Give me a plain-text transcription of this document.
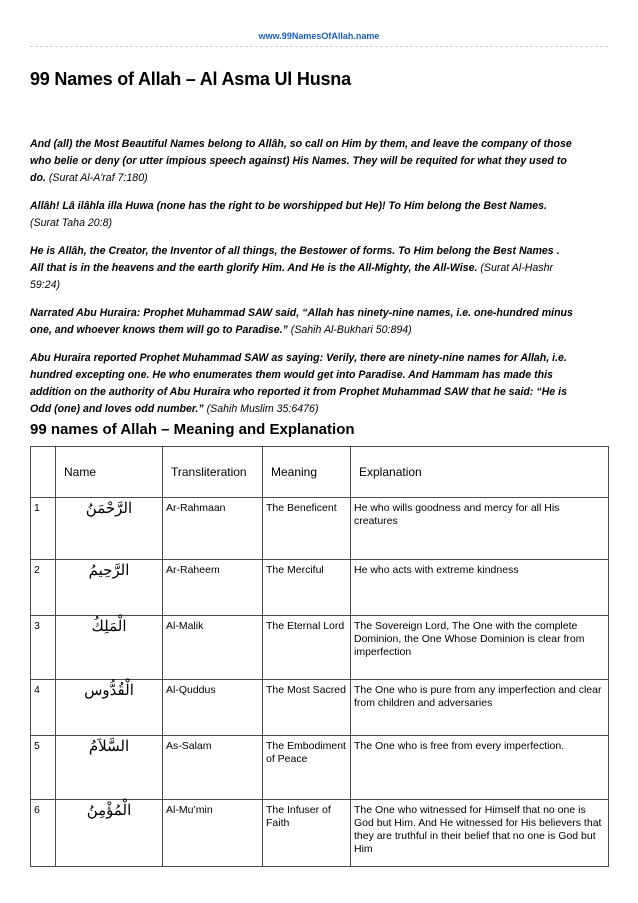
www.99NamesOfAllah.name
99 Names of Allah – Al Asma Ul Husna

And (all) the Most Beautiful Names belong to Allâh, so call on Him by them, and leave the company of those who belie or deny (or utter impious speech against) His Names. They will be requited for what they used to do. (Surat Al-A'raf 7:180)

Allâh! Lâ ilâhla illa Huwa (none has the right to be worshipped but He)! To Him belong the Best Names. (Surat Taha 20:8)

He is Allâh, the Creator, the Inventor of all things, the Bestower of forms. To Him belong the Best Names . All that is in the heavens and the earth glorify Him. And He is the All-Mighty, the All-Wise. (Surat Al-Hashr 59:24)

Narrated Abu Huraira: Prophet Muhammad SAW said, “Allah has ninety-nine names, i.e. one-hundred minus one, and whoever knows them will go to Paradise.” (Sahih Al-Bukhari 50:894)

Abu Huraira reported Prophet Muhammad SAW as saying: Verily, there are ninety-nine names for Allah, i.e. hundred excepting one. He who enumerates them would get into Paradise. And Hammam has made this addition on the authority of Abu Huraira who reported it from Prophet Muhammad SAW that he said: “He is Odd (one) and loves odd number.” (Sahih Muslim 35:6476)

99 names of Allah – Meaning and Explanation
	Name	Transliteration	Meaning	Explanation
1	الرَّحْمَنُ	Ar-Rahmaan	The Beneficent	He who wills goodness and mercy for all His creatures
2	الرَّحِيمُ	Ar-Raheem	The Merciful	He who acts with extreme kindness
3	الْمَلِكُ	Al-Malik	The Eternal Lord	The Sovereign Lord, The One with the complete Dominion, the One Whose Dominion is clear from imperfection
4	الْقُدُّوس	Al-Quddus	The Most Sacred	The One who is pure from any imperfection and clear from children and adversaries
5	السَّلاَمُ	As-Salam	The Embodiment of Peace	The One who is free from every imperfection.
6	الْمُؤْمِنُ	Al-Mu’min	The Infuser of Faith	The One who witnessed for Himself that no one is God but Him. And He witnessed for His believers that they are truthful in their belief that no one is God but Him
